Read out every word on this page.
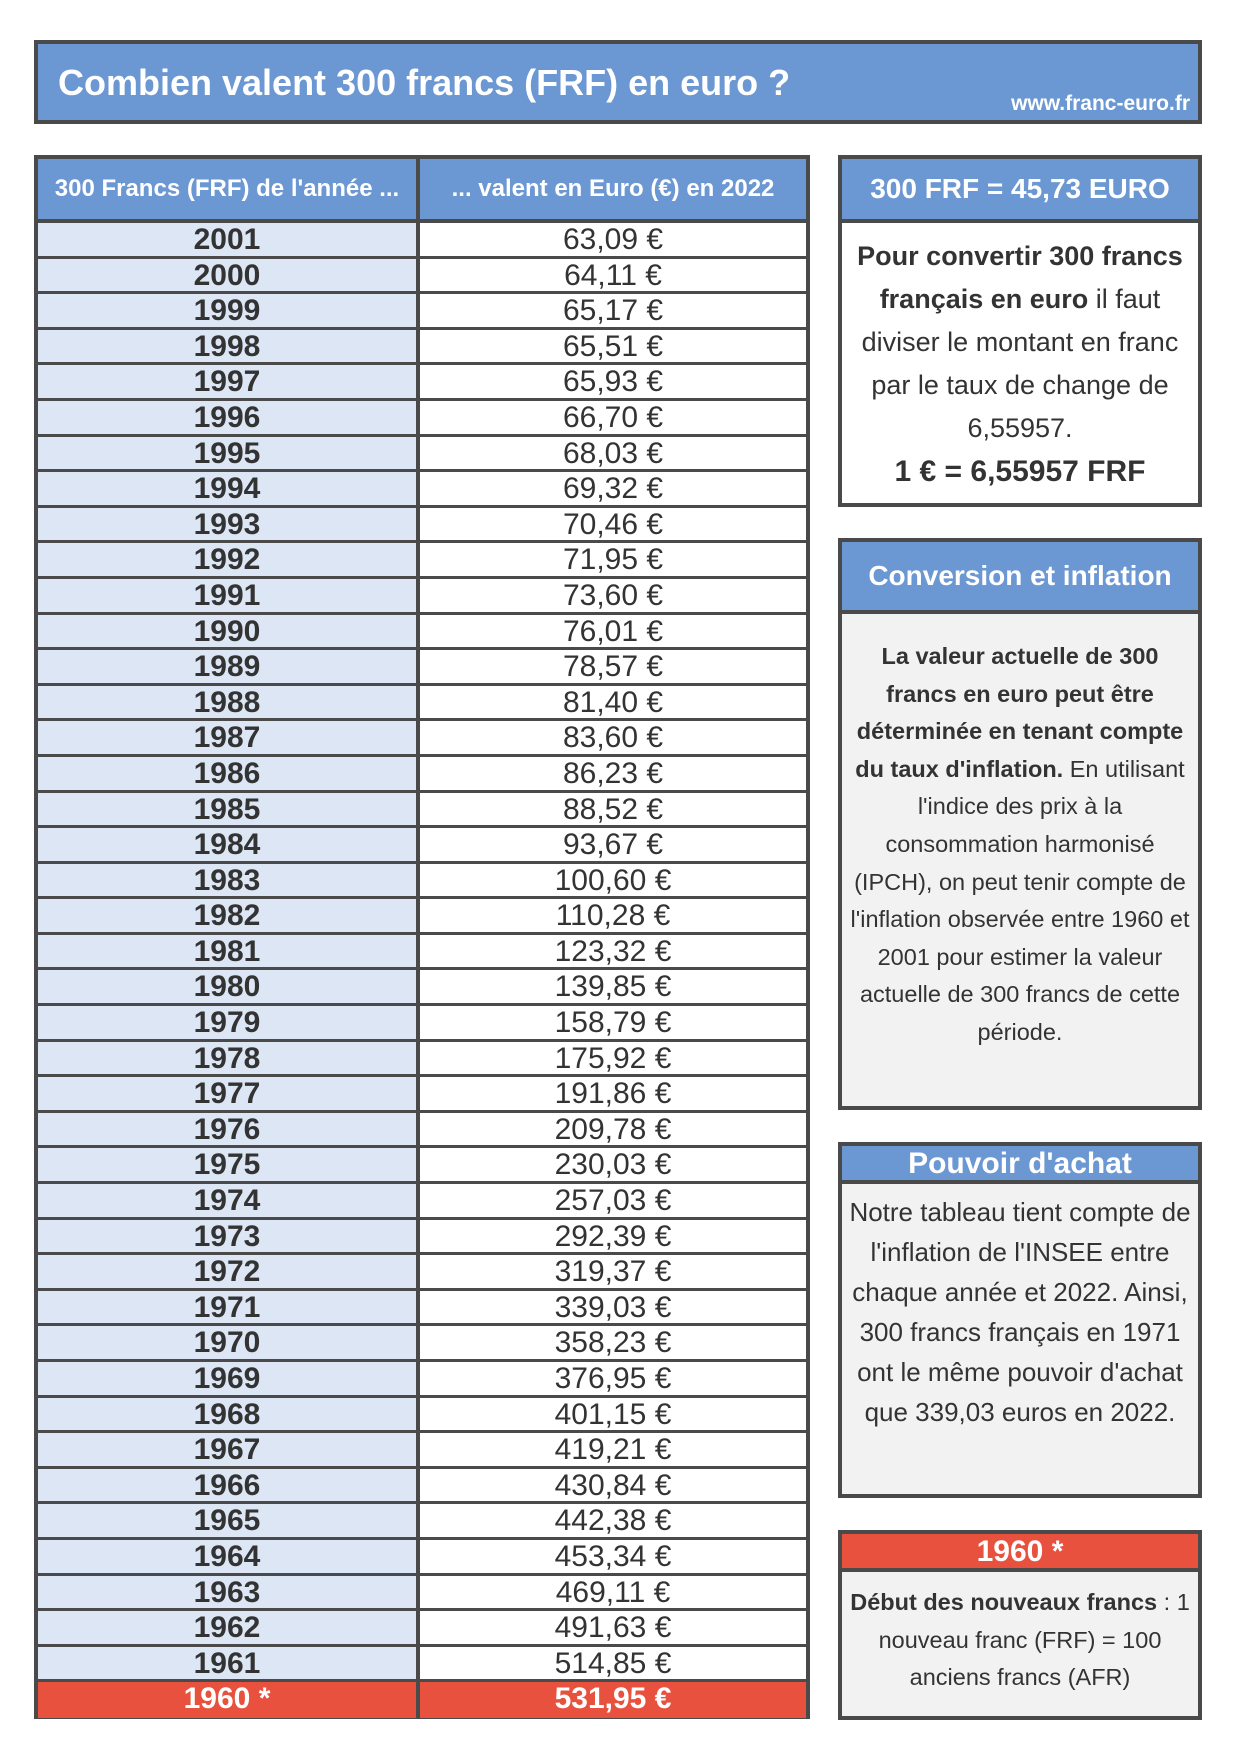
Combien valent 300 francs (FRF) en euro ?
www.franc-euro.fr
300 Francs (FRF) de l'année ...	... valent en Euro (€) en 2022
2001	63,09 €
2000	64,11 €
1999	65,17 €
1998	65,51 €
1997	65,93 €
1996	66,70 €
1995	68,03 €
1994	69,32 €
1993	70,46 €
1992	71,95 €
1991	73,60 €
1990	76,01 €
1989	78,57 €
1988	81,40 €
1987	83,60 €
1986	86,23 €
1985	88,52 €
1984	93,67 €
1983	100,60 €
1982	110,28 €
1981	123,32 €
1980	139,85 €
1979	158,79 €
1978	175,92 €
1977	191,86 €
1976	209,78 €
1975	230,03 €
1974	257,03 €
1973	292,39 €
1972	319,37 €
1971	339,03 €
1970	358,23 €
1969	376,95 €
1968	401,15 €
1967	419,21 €
1966	430,84 €
1965	442,38 €
1964	453,34 €
1963	469,11 €
1962	491,63 €
1961	514,85 €
1960 *	531,95 €
300 FRF = 45,73 EURO
Pour convertir 300 francs français en euro il faut diviser le montant en franc par le taux de change de 6,55957.
1 € = 6,55957 FRF
Conversion et inflation
La valeur actuelle de 300 francs en euro peut être déterminée en tenant compte du taux d'inflation. En utilisant l'indice des prix à la consommation harmonisé (IPCH), on peut tenir compte de l'inflation observée entre 1960 et 2001 pour estimer la valeur actuelle de 300 francs de cette période.
Pouvoir d'achat
Notre tableau tient compte de l'inflation de l'INSEE entre chaque année et 2022. Ainsi, 300 francs français en 1971 ont le même pouvoir d'achat que 339,03 euros en 2022.
1960 *
Début des nouveaux francs : 1 nouveau franc (FRF) = 100 anciens francs (AFR)
